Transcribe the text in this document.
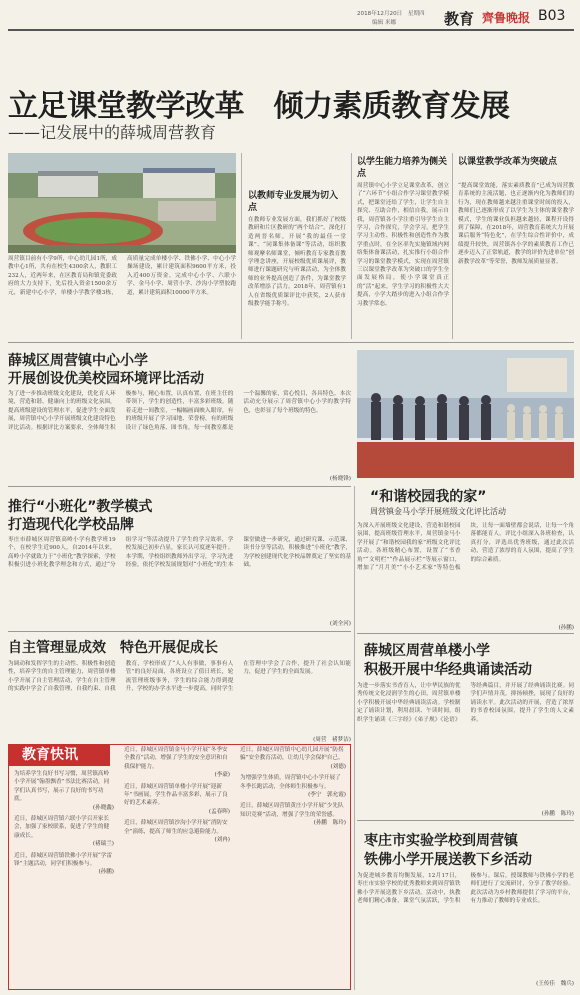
2018年12月20日　星期四
编辑 米娜	教育 齊鲁晚报 B03
立足课堂教学改革　倾力素质教育发展
——记发展中的薛城周营教育
周营镇目前有小学9所，中心幼儿园1所，成教中心1所，共有在校生4300余人，教职工232人，近两年来，在区教育局和镇党委政府的大力支持下，先后投入资金1500余万元，新建中心小学，单楼小学教学楼3栋，高质量完成单楼小学、铁佛小学、中心小学操场建设，累计建筑面积9600平方米，投入近400万资金，完成中心小学、六联小学、金马小学、周营小学、沙沟小学塑胶跑道，累计建筑面积10000平方米。
以教师专业发展为切入点
在教师专业发展方面，我们抓好了校级教研和片区教研的“两个结合”，深化打造两晋名师，开展“我的最佳一堂课”、“同课集体备课”等活动，组织教师观摩名师课堂，倾听教育专家教育教学理念讲座，开展校级优质课展评，教师进行课题研究与听课活动，为全体教师的业务提高创造了条件，为课堂教学改革增添了活力。2018年，周营镇有1人在省级优质课评比中获奖，2人获市级教学能手称号。
以学生能力培养为侧关点
周营镇中心小学立足课堂改革，创立了“六环节”小组合作学习课堂教学模式，把课堂还给了学生，让学生自主探究、互助合作，相信自我，展示自我，周营镇各小学注重引导学生自主学习，合作探究，学会学习，把学生学习主动性、积极性和创造性作为教学重点时，在全区率先实施镇域内网络集体备课活动，扎实推行小组合作学习的课堂教学模式，实现在周营镇三以课堂教学改革为突破口的学生全面发展格局，使小学课堂真正的“活”起来，学生学习的积极性大大提高，小学大踏步的进入小组合作学习教学常态。
以课堂教学改革为突破点
“提高课堂效能，落实素质教育”已成为周营教育系统的主流活题，也正逐渐内化为教师们的行为，现在教师越来越注重课堂时间的投入，教师们已逐渐形成了以学生为主体的课堂教学模式，学生的课业负担越来越轻，课程开设得到了保障，在2018年，周营教育系统大力开展课后服务“特色化”，在学生综合性评价中，成绩提升较快，周营镇各小学的素质教育工作已逐步迈入了正常轨道，教学的评价先进单位“创新教学改革”等荣誉，教师发展质量显著。
薛城区周营镇中心小学
开展创设优美校园环境评比活动
为了进一步推动班级文化建设，优化育人环境，营造和谐、健康向上的班级文化氛围，提高班级建设的管理水平，促进学生全面发展，周营镇中心小学开展班级文化建设特色评比活动。根据评比方案要求，全体师生积极参与，精心布置，认真布置，在班主任的带领下，学生的创造性，丰富多彩班级。随着走进一间教室，一幅幅画面映入眼帘，有的班级开展了学习园地、荣誉榜，有的班级设计了绿色角落、图书角，每一间教室都是一个温馨的家，赏心悦目，各具特色。本次活动充分展示了周营镇中心小学的教学特色，也彰显了每个班级的特色。
(杨晓锋)
“和谐校园我的家”
周营镇金马小学开展班级文化评比活动
为深入开展班级文化建设，营造和谐校园氛围，提高班级管理水平，周营镇金马小学开展了“和谐校园我的家”班级文化评比活动。各班级精心布置，设置了“书香角”“文明栏”“作品展示栏”等展示窗口，增加了“月月美”“小小艺术家”等特色板块，让每一面墙壁都会说话，让每一个角落都能育人。评比小组深入各班检查，认真打分，评选出优秀班级，通过此次活动，营造了浓厚的育人氛围，提高了学生的综合素质。
(孙鹏)
推行“小班化”教学模式
打造现代化学校品牌
枣庄市薛城区周营镇高岭小学有教学班19个，在校学生近900人，自2014年以来，高岭小学就致力于“小班化”教学探索，学校积极引进小班化教学理念和方式，通过“分组学习”等活动提升了学生的学习效率，学校发展已初步凸显，家长认可度逐年提升。本学期，学校组织教师外出学习，学习先进经验，依托学校发展规划对“小班化”的生本课堂做进一步研究，通过研究课、示范课、读书分享等活动，积极推进“小班化”教学，为学校创建现代化学校品牌奠定了坚实的基础。
(刘全河)
自主管理显成效　特色开展促成长
为调动和发挥学生的主动性、积极性和创造性，培养学生的自主管理能力，周营镇单楼小学开展了自主管理活动，学生在自主管理的实践中学会了自我管理、自我约束、自我教育，学校形成了“人人有事做，事事有人管”的良好局面，各班设立了值日班长，轮流管理班级事务，学生的综合能力得到提升，学校的办学水平进一步提高，同时学生在管理中学会了合作，提升了社会认知能力，促进了学生的全面发展。
(周营　褚梦洁)
教育快讯
为培养学生良好书写习惯，周营镇高岭小学开展“翰墨飘香”书法比赛活动，同学们认真书写，展示了良好的书写功底。
(孙晓鑫)
近日，薛城区周营镇六联小学召开家长会，加强了家校联系，促进了学生的健康成长。
(褚瑞兰)
近日，薛城区周营镇铁佛小学开展“学雷锋”主题活动，同学们积极参与。
(孙鹏)
近日，薛城区周营镇金马小学开展“冬季安全教育”活动，增强了学生的安全意识和自我保护能力。
(李豪)
近日，薛城区周营镇单楼小学开展“迎新年”书画展，学生作品丰富多彩，展示了良好的艺术素养。
(孟春晖)
近日，薛城区周营镇沙沟小学开展“消防安全”演练，提高了师生的应急避险能力。
(刘冉)
近日，薛城区周营镇中心幼儿园开展“防拐骗”安全教育活动，让幼儿学会保护自己。
(刘德)
为增强学生体质，周营镇中心小学开展了冬季长跑活动，全体师生积极参与。
(李宁　郭允霞)
近日，薛城区周营镇黄庄小学开展“少先队知识竞赛”活动，增强了学生的荣誉感。
(孙鹏　陈玲)
薛城区周营单楼小学
积极开展中华经典诵读活动
为进一步落实书香育人，让中华民族的优秀传统文化浸润学生的心田，周营镇单楼小学积极开展中华经典诵读活动。学校制定了诵读计划，利用晨读、午读时间，组织学生诵读《三字经》《弟子规》《论语》等经典篇目，并开展了经典诵读比赛。同学们声情并茂，抑扬顿挫，展现了良好的诵读水平。此次活动的开展，营造了浓厚的书香校园氛围，提升了学生的人文素养。
(孙鹏　陈玲)
枣庄市实验学校到周营镇
铁佛小学开展送教下乡活动
为促进城乡教育均衡发展，12月17日，枣庄市实验学校的优秀教师来到周营镇铁佛小学开展送教下乡活动。活动中，执教老师们精心准备，课堂气氛活跃，学生积极参与。课后，授课教师与铁佛小学的老师们进行了交流研讨，分享了教学经验。此次活动为乡村教师提供了学习的平台，有力推动了教师的专业成长。
(王传佳　魏兵)
